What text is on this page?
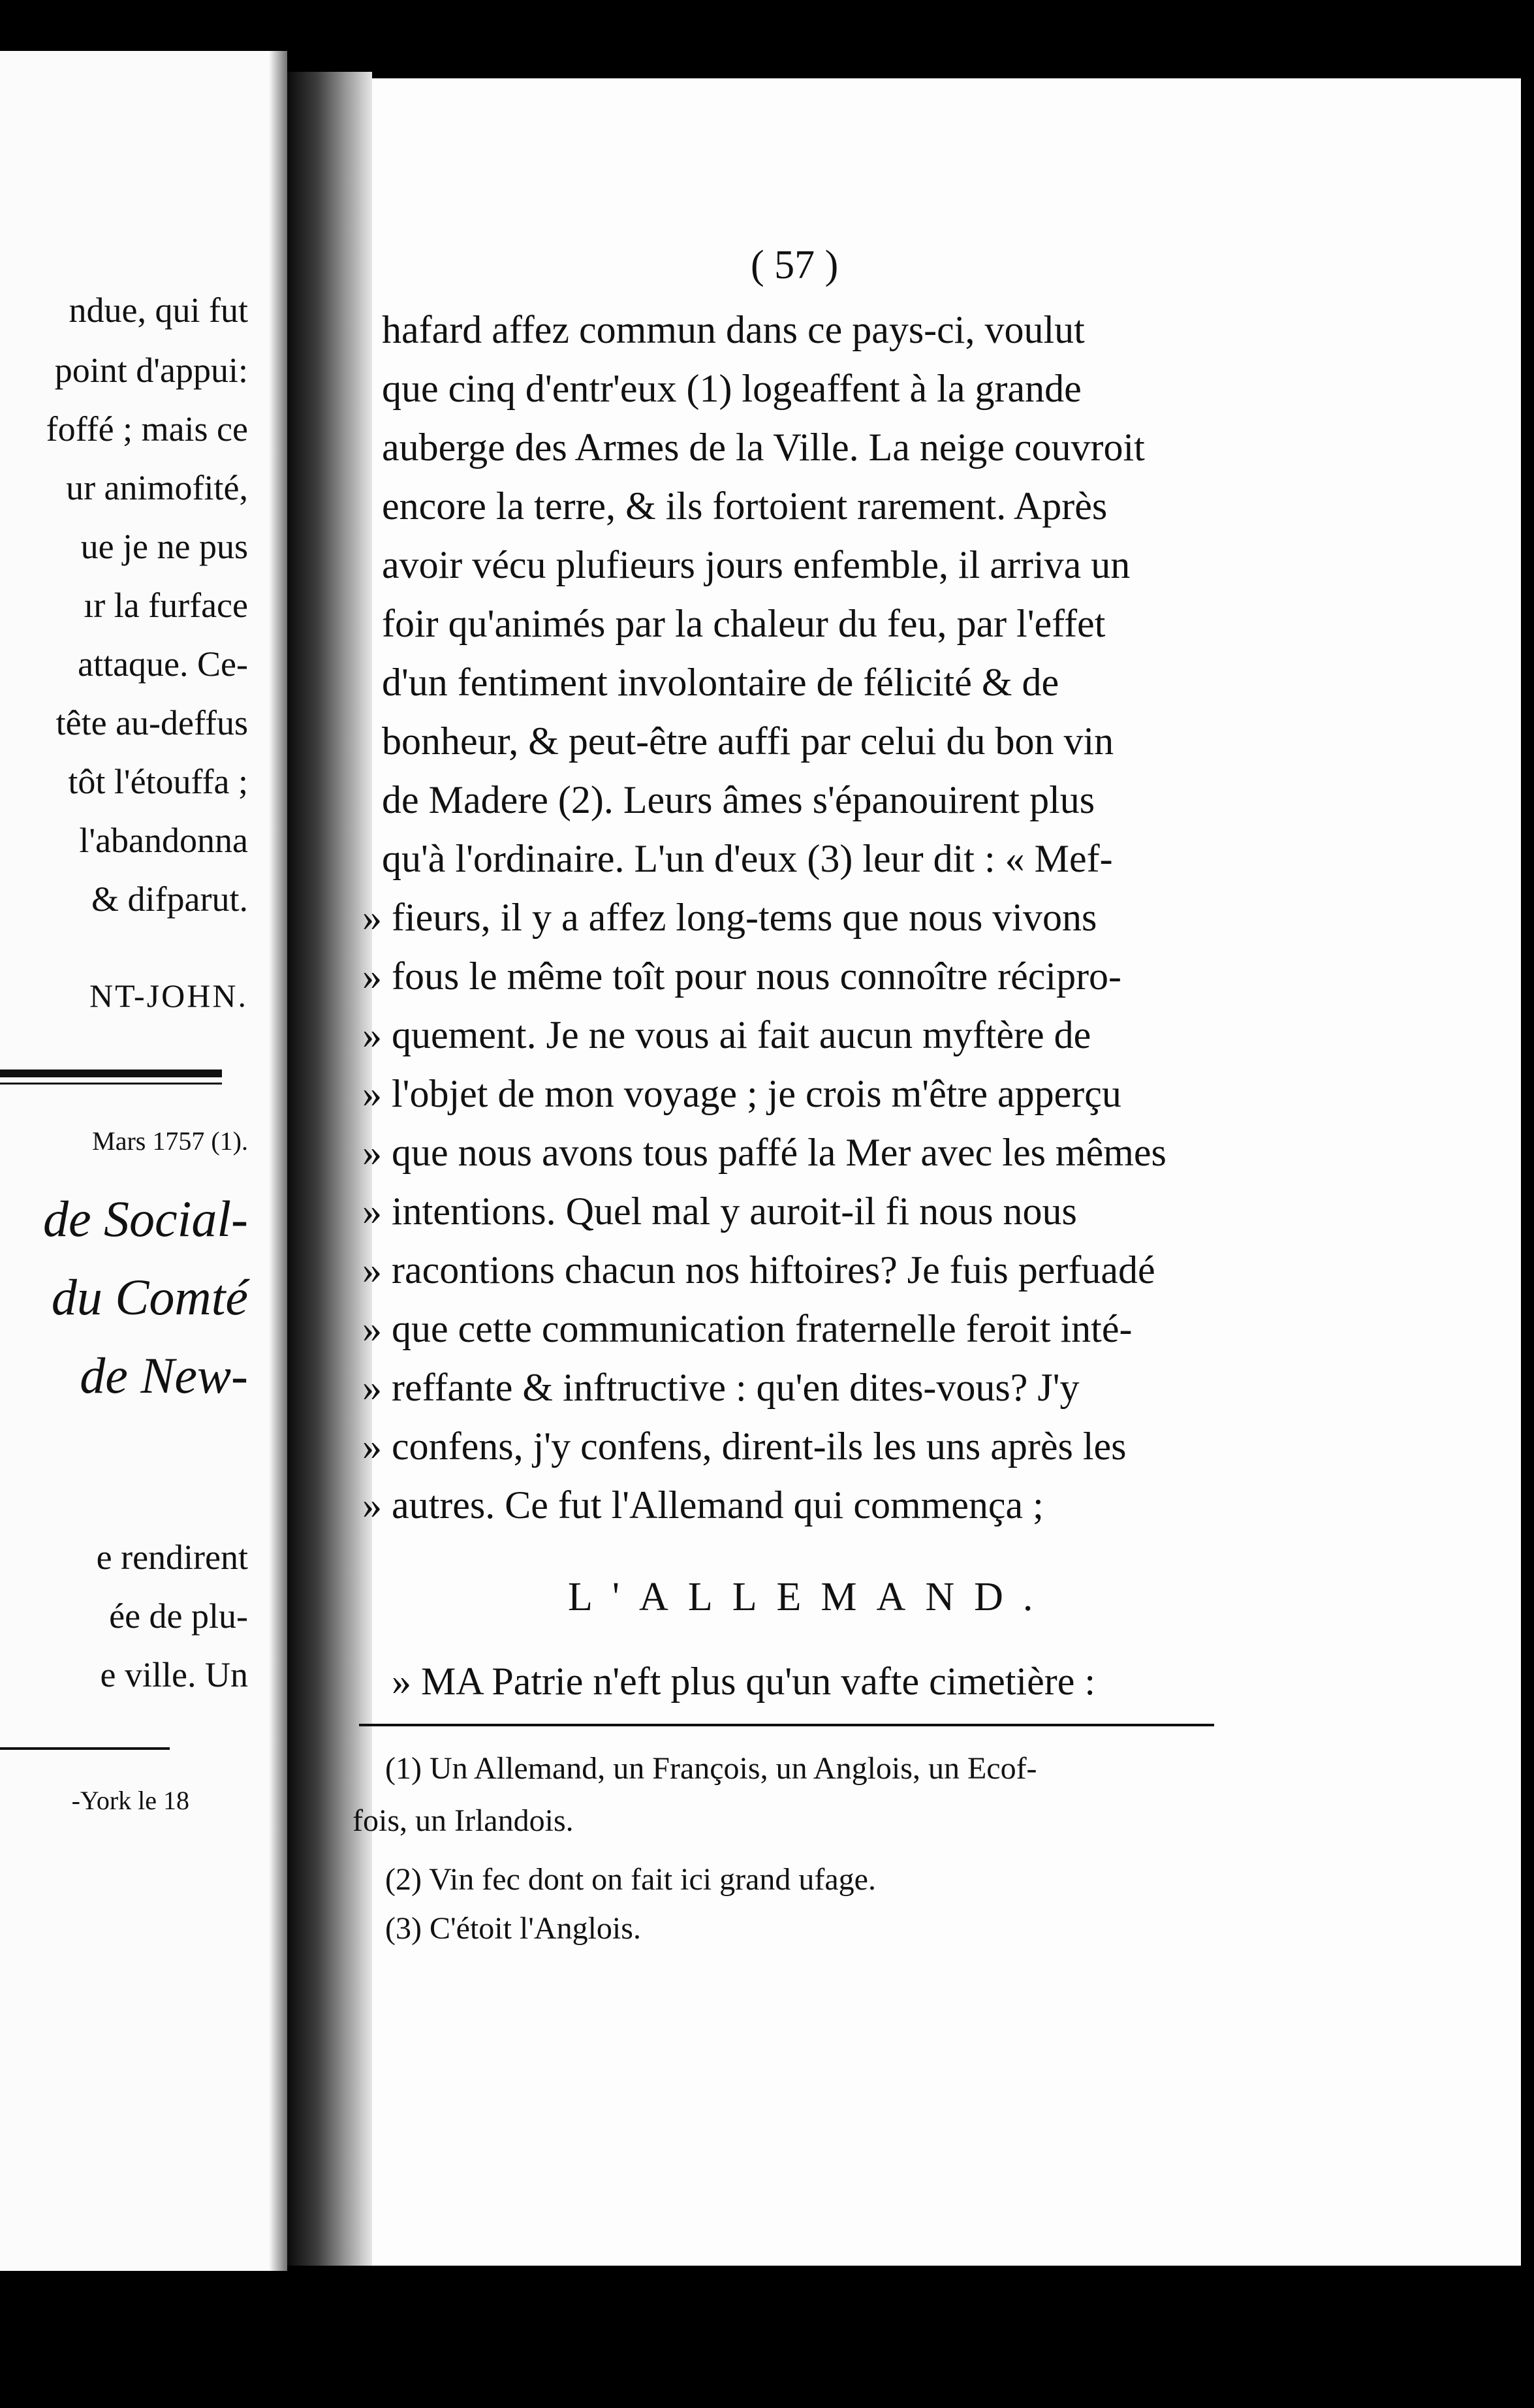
ndue, qui fut
point d'appui:
foffé ; mais ce
ur animofité,
ue je ne pus
ır la furface
attaque. Ce-
tête au-deffus
tôt l'étouffa ;
l'abandonna
& difparut.
NT-JOHN.
Mars 1757 (1).
de Social-
du Comté
de New-
e rendirent
ée de plu-
e ville. Un
-York le 18
( 57 )
hafard affez commun dans ce pays-ci, voulut
que cinq d'entr'eux (1) logeaffent à la grande
auberge des Armes de la Ville. La neige couvroit
encore la terre, & ils fortoient rarement. Après
avoir vécu plufieurs jours enfemble, il arriva un
foir qu'animés par la chaleur du feu, par l'effet
d'un fentiment involontaire de félicité & de
bonheur, & peut-être auffi par celui du bon vin
de Madere (2). Leurs âmes s'épanouirent plus
qu'à l'ordinaire. L'un d'eux (3) leur dit : « Mef-
» fieurs, il y a affez long-tems que nous vivons
» fous le même toît pour nous connoître récipro-
» quement. Je ne vous ai fait aucun myftère de
» l'objet de mon voyage ; je crois m'être apperçu
» que nous avons tous paffé la Mer avec les mêmes
» intentions. Quel mal y auroit-il fi nous nous
» racontions chacun nos hiftoires? Je fuis perfuadé
» que cette communication fraternelle feroit inté-
» reffante & inftructive : qu'en dites-vous? J'y
» confens, j'y confens, dirent-ils les uns après les
» autres. Ce fut l'Allemand qui commença ;
L'ALLEMAND.
» MA Patrie n'eft plus qu'un vafte cimetière :
(1) Un Allemand, un François, un Anglois, un Ecof-
fois, un Irlandois.
(2) Vin fec dont on fait ici grand ufage.
(3) C'étoit l'Anglois.
